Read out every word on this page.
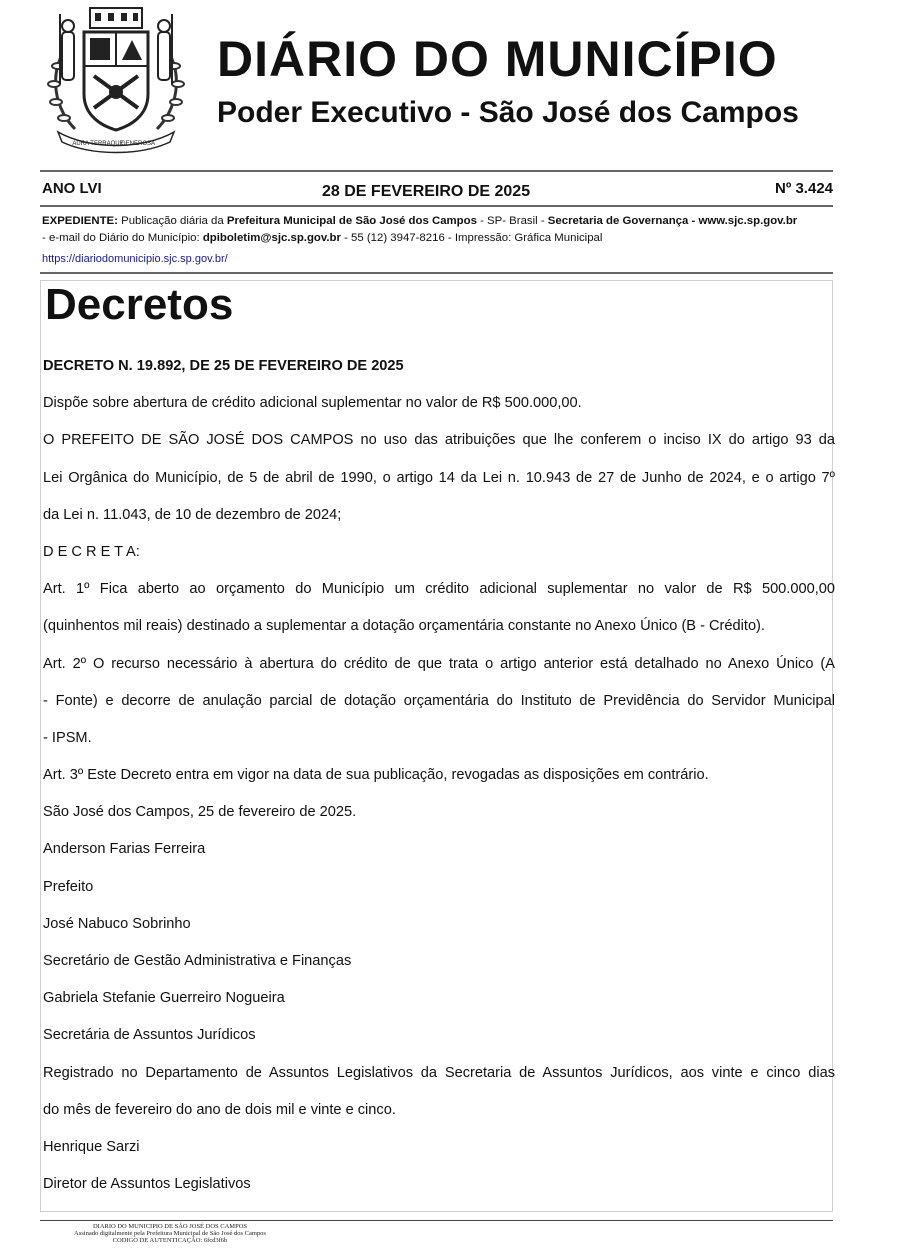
AURA TERRAQUE
GENEROSA
DIÁRIO DO MUNICÍPIO
Poder Executivo - São José dos Campos
ANO LVI	28 DE FEVEREIRO DE 2025	Nº 3.424
EXPEDIENTE: Publicação diária da Prefeitura Municipal de São José dos Campos - SP- Brasil - Secretaria de Governança - www.sjc.sp.gov.br
- e-mail do Diário do Município: dpiboletim@sjc.sp.gov.br - 55 (12) 3947-8216 - Impressão: Gráfica Municipal
https://diariodomunicipio.sjc.sp.gov.br/
Decretos
DECRETO N. 19.892, DE 25 DE FEVEREIRO DE 2025
Dispõe sobre abertura de crédito adicional suplementar no valor de R$ 500.000,00.
O PREFEITO DE SÃO JOSÉ DOS CAMPOS no uso das atribuições que lhe conferem o inciso IX do artigo 93 da
Lei Orgânica do Município, de 5 de abril de 1990, o artigo 14 da Lei n. 10.943 de 27 de Junho de 2024, e o artigo 7º
da Lei n. 11.043, de 10 de dezembro de 2024;
D E C R E T A:
Art. 1º Fica aberto ao orçamento do Município um crédito adicional suplementar no valor de R$ 500.000,00
(quinhentos mil reais) destinado a suplementar a dotação orçamentária constante no Anexo Único (B - Crédito).
Art. 2º O recurso necessário à abertura do crédito de que trata o artigo anterior está detalhado no Anexo Único (A
- Fonte) e decorre de anulação parcial de dotação orçamentária do Instituto de Previdência do Servidor Municipal
- IPSM.
Art. 3º Este Decreto entra em vigor na data de sua publicação, revogadas as disposições em contrário.
São José dos Campos, 25 de fevereiro de 2025.
Anderson Farias Ferreira
Prefeito
José Nabuco Sobrinho
Secretário de Gestão Administrativa e Finanças
Gabriela Stefanie Guerreiro Nogueira
Secretária de Assuntos Jurídicos
Registrado no Departamento de Assuntos Legislativos da Secretaria de Assuntos Jurídicos, aos vinte e cinco dias
do mês de fevereiro do ano de dois mil e vinte e cinco.
Henrique Sarzi
Diretor de Assuntos Legislativos
DIARIO DO MUNICIPIO DE SÃO JOSÉ DOS CAMPOS
Assinado digitalmente pela Prefeitura Municipal de São José dos Campos
CODIGO DE AUTENTICAÇÃO: 6fcd3f6b
